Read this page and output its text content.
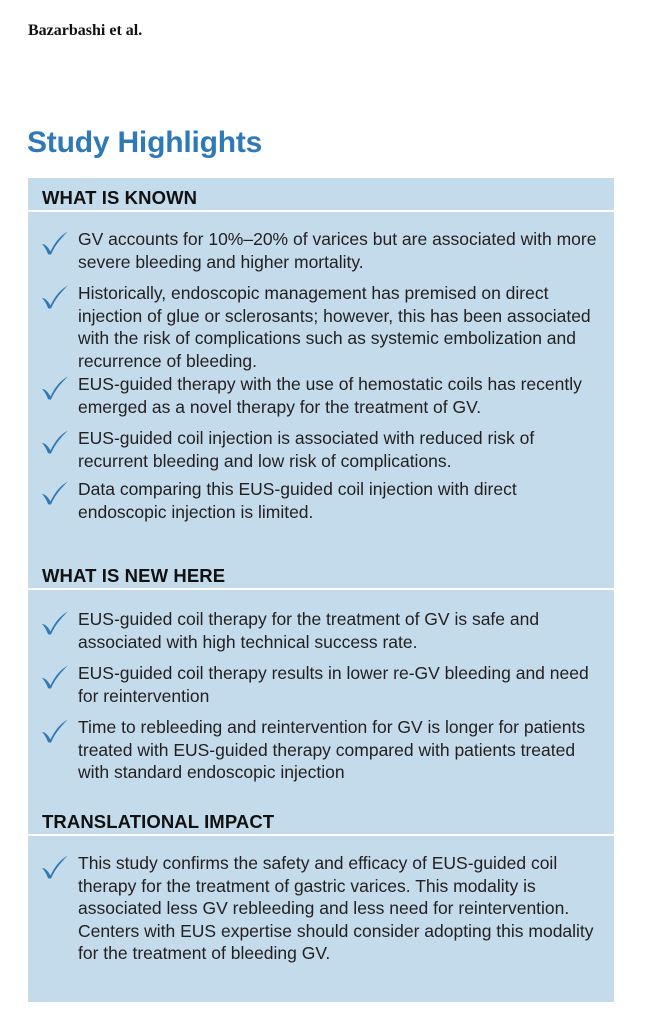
Bazarbashi et al.
Study Highlights
WHAT IS KNOWN
GV accounts for 10%–20% of varices but are associated with more severe bleeding and higher mortality.
Historically, endoscopic management has premised on direct injection of glue or sclerosants; however, this has been associated with the risk of complications such as systemic embolization and recurrence of bleeding.
EUS-guided therapy with the use of hemostatic coils has recently emerged as a novel therapy for the treatment of GV.
EUS-guided coil injection is associated with reduced risk of recurrent bleeding and low risk of complications.
Data comparing this EUS-guided coil injection with direct endoscopic injection is limited.
WHAT IS NEW HERE
EUS-guided coil therapy for the treatment of GV is safe and associated with high technical success rate.
EUS-guided coil therapy results in lower re-GV bleeding and need for reintervention
Time to rebleeding and reintervention for GV is longer for patients treated with EUS-guided therapy compared with patients treated with standard endoscopic injection
TRANSLATIONAL IMPACT
This study confirms the safety and efficacy of EUS-guided coil therapy for the treatment of gastric varices. This modality is associated less GV rebleeding and less need for reintervention. Centers with EUS expertise should consider adopting this modality for the treatment of bleeding GV.
